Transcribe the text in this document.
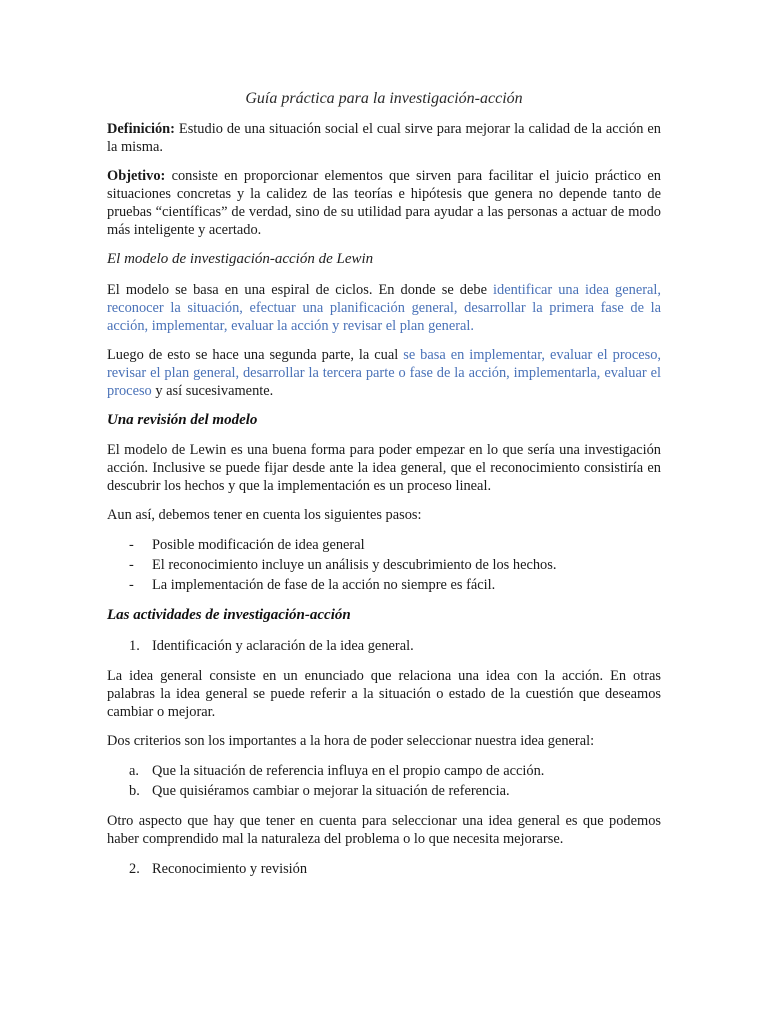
Guía práctica para la investigación-acción

Definición: Estudio de una situación social el cual sirve para mejorar la calidad de la acción en la misma.

Objetivo: consiste en proporcionar elementos que sirven para facilitar el juicio práctico en situaciones concretas y la calidez de las teorías e hipótesis que genera no depende tanto de pruebas “científicas” de verdad, sino de su utilidad para ayudar a las personas a actuar de modo más inteligente y acertado.

El modelo de investigación-acción de Lewin

El modelo se basa en una espiral de ciclos. En donde se debe identificar una idea general, reconocer la situación, efectuar una planificación general, desarrollar la primera fase de la acción, implementar, evaluar la acción y revisar el plan general.

Luego de esto se hace una segunda parte, la cual se basa en implementar, evaluar el proceso, revisar el plan general, desarrollar la tercera parte o fase de la acción, implementarla, evaluar el proceso y así sucesivamente.

Una revisión del modelo

El modelo de Lewin es una buena forma para poder empezar en lo que sería una investigación acción. Inclusive se puede fijar desde ante la idea general, que el reconocimiento consistiría en descubrir los hechos y que la implementación es un proceso lineal.

Aun así, debemos tener en cuenta los siguientes pasos:

- Posible modificación de idea general
- El reconocimiento incluye un análisis y descubrimiento de los hechos.
- La implementación de fase de la acción no siempre es fácil.
Las actividades de investigación-acción
1. Identificación y aclaración de la idea general.

La idea general consiste en un enunciado que relaciona una idea con la acción. En otras palabras la idea general se puede referir a la situación o estado de la cuestión que deseamos cambiar o mejorar.

Dos criterios son los importantes a la hora de poder seleccionar nuestra idea general:

a. Que la situación de referencia influya en el propio campo de acción.
b. Que quisiéramos cambiar o mejorar la situación de referencia.

Otro aspecto que hay que tener en cuenta para seleccionar una idea general es que podemos haber comprendido mal la naturaleza del problema o lo que necesita mejorarse.

2. Reconocimiento y revisión
